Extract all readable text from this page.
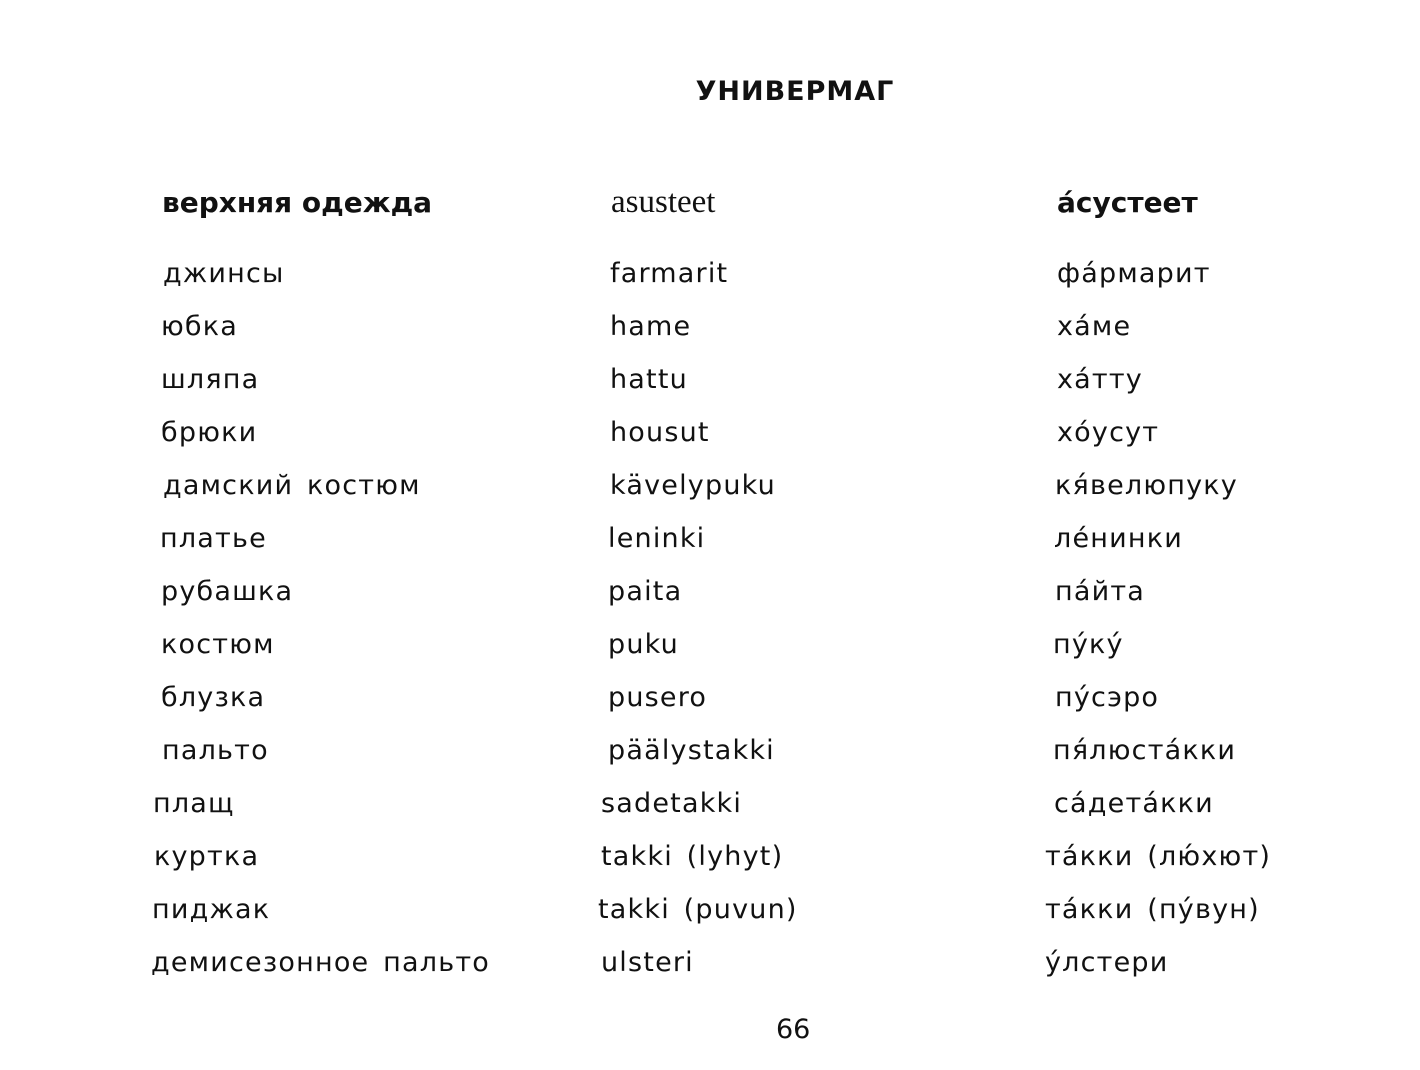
УНИВЕРМАГ
верхняя одежда
джинсы
юбка
шляпа
брюки
дамский костюм
платье
рубашка
костюм
блузка
пальто
плащ
куртка
пиджак
демисезонное пальто
asusteet
farmarit
hame
hattu
housut
kävelypuku
leninki
paita
puku
pusero
päälystakki
sadetakki
takki (lyhyt)
takki (puvun)
ulsteri
áсустеет
фáрмарит
хáме
хáтту
хóусут
кя́велюпуку
лéнинки
пáйта
пýкý
пýсэро
пя́люстáкки
сáдетáкки
тáкки (лю́хют)
тáкки (пýвун)
ýлстери
66
